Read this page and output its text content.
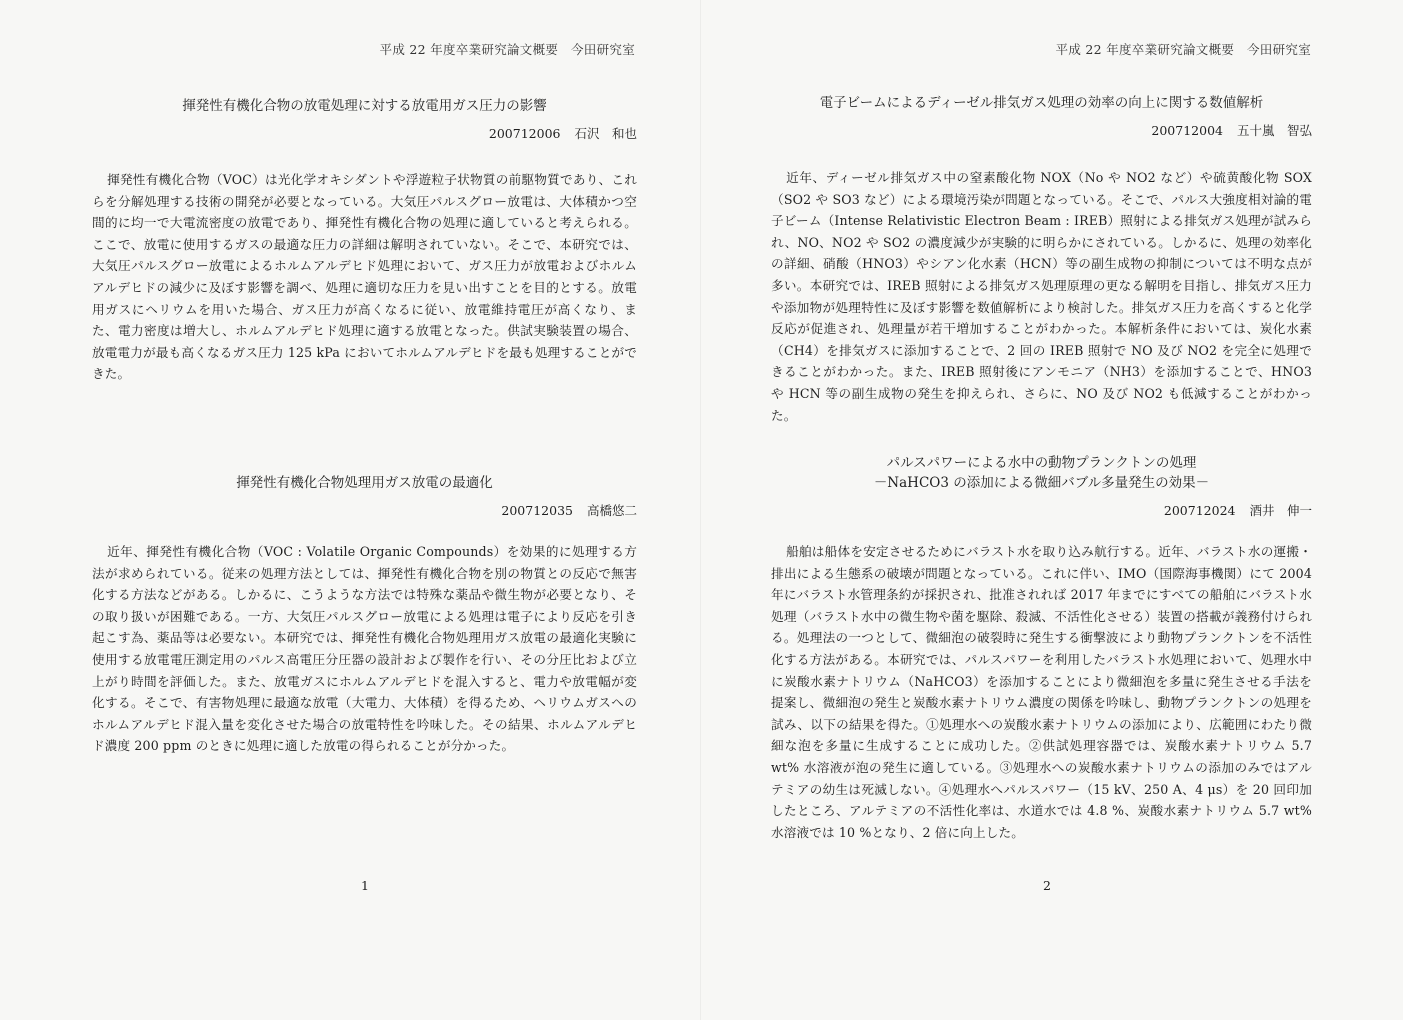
平成 22 年度卒業研究論文概要　今田研究室
揮発性有機化合物の放電処理に対する放電用ガス圧力の影響
200712006 石沢　和也

揮発性有機化合物（VOC）は光化学オキシダントや浮遊粒子状物質の前駆物質であり、これらを分解処理する技術の開発が必要となっている。大気圧パルスグロー放電は、大体積かつ空間的に均一で大電流密度の放電であり、揮発性有機化合物の処理に適していると考えられる。ここで、放電に使用するガスの最適な圧力の詳細は解明されていない。そこで、本研究では、大気圧パルスグロー放電によるホルムアルデヒド処理において、ガス圧力が放電およびホルムアルデヒドの減少に及ぼす影響を調べ、処理に適切な圧力を見い出すことを目的とする。放電用ガスにヘリウムを用いた場合、ガス圧力が高くなるに従い、放電維持電圧が高くなり、また、電力密度は増大し、ホルムアルデヒド処理に適する放電となった。供試実験装置の場合、放電電力が最も高くなるガス圧力 125 kPa においてホルムアルデヒドを最も処理することができた。

揮発性有機化合物処理用ガス放電の最適化
200712035 高橋悠二

近年、揮発性有機化合物（VOC : Volatile Organic Compounds）を効果的に処理する方法が求められている。従来の処理方法としては、揮発性有機化合物を別の物質との反応で無害化する方法などがある。しかるに、こうような方法では特殊な薬品や微生物が必要となり、その取り扱いが困難である。一方、大気圧パルスグロー放電による処理は電子により反応を引き起こす為、薬品等は必要ない。本研究では、揮発性有機化合物処理用ガス放電の最適化実験に使用する放電電圧測定用のパルス高電圧分圧器の設計および製作を行い、その分圧比および立上がり時間を評価した。また、放電ガスにホルムアルデヒドを混入すると、電力や放電幅が変化する。そこで、有害物処理に最適な放電（大電力、大体積）を得るため、ヘリウムガスへのホルムアルデヒド混入量を変化させた場合の放電特性を吟味した。その結果、ホルムアルデヒド濃度 200 ppm のときに処理に適した放電の得られることが分かった。

1
平成 22 年度卒業研究論文概要　今田研究室
電子ビームによるディーゼル排気ガス処理の効率の向上に関する数値解析
200712004 五十嵐　智弘

近年、ディーゼル排気ガス中の窒素酸化物 NOX（No や NO2 など）や硫黄酸化物 SOX（SO2 や SO3 など）による環境汚染が問題となっている。そこで、パルス大強度相対論的電子ビーム（Intense Relativistic Electron Beam : IREB）照射による排気ガス処理が試みられ、NO、NO2 や SO2 の濃度減少が実験的に明らかにされている。しかるに、処理の効率化の詳細、硝酸（HNO3）やシアン化水素（HCN）等の副生成物の抑制については不明な点が多い。本研究では、IREB 照射による排気ガス処理原理の更なる解明を目指し、排気ガス圧力や添加物が処理特性に及ぼす影響を数値解析により検討した。排気ガス圧力を高くすると化学反応が促進され、処理量が若干増加することがわかった。本解析条件においては、炭化水素（CH4）を排気ガスに添加することで、2 回の IREB 照射で NO 及び NO2 を完全に処理できることがわかった。また、IREB 照射後にアンモニア（NH3）を添加することで、HNO3 や HCN 等の副生成物の発生を抑えられ、さらに、NO 及び NO2 も低減することがわかった。

パルスパワーによる水中の動物プランクトンの処理
－NaHCO3 の添加による微細バブル多量発生の効果－
200712024 酒井　伸一

船舶は船体を安定させるためにバラスト水を取り込み航行する。近年、バラスト水の運搬・排出による生態系の破壊が問題となっている。これに伴い、IMO（国際海事機関）にて 2004 年にバラスト水管理条約が採択され、批准されれば 2017 年までにすべての船舶にバラスト水処理（バラスト水中の微生物や菌を駆除、殺滅、不活性化させる）装置の搭載が義務付けられる。処理法の一つとして、微細泡の破裂時に発生する衝撃波により動物プランクトンを不活性化する方法がある。本研究では、パルスパワーを利用したバラスト水処理において、処理水中に炭酸水素ナトリウム（NaHCO3）を添加することにより微細泡を多量に発生させる手法を提案し、微細泡の発生と炭酸水素ナトリウム濃度の関係を吟味し、動物プランクトンの処理を試み、以下の結果を得た。①処理水への炭酸水素ナトリウムの添加により、広範囲にわたり微細な泡を多量に生成することに成功した。②供試処理容器では、炭酸水素ナトリウム 5.7 wt% 水溶液が泡の発生に適している。③処理水への炭酸水素ナトリウムの添加のみではアルテミアの幼生は死滅しない。④処理水へパルスパワー（15 kV、250 A、4 μs）を 20 回印加したところ、アルテミアの不活性化率は、水道水では 4.8 %、炭酸水素ナトリウム 5.7 wt%水溶液では 10 %となり、2 倍に向上した。

2
